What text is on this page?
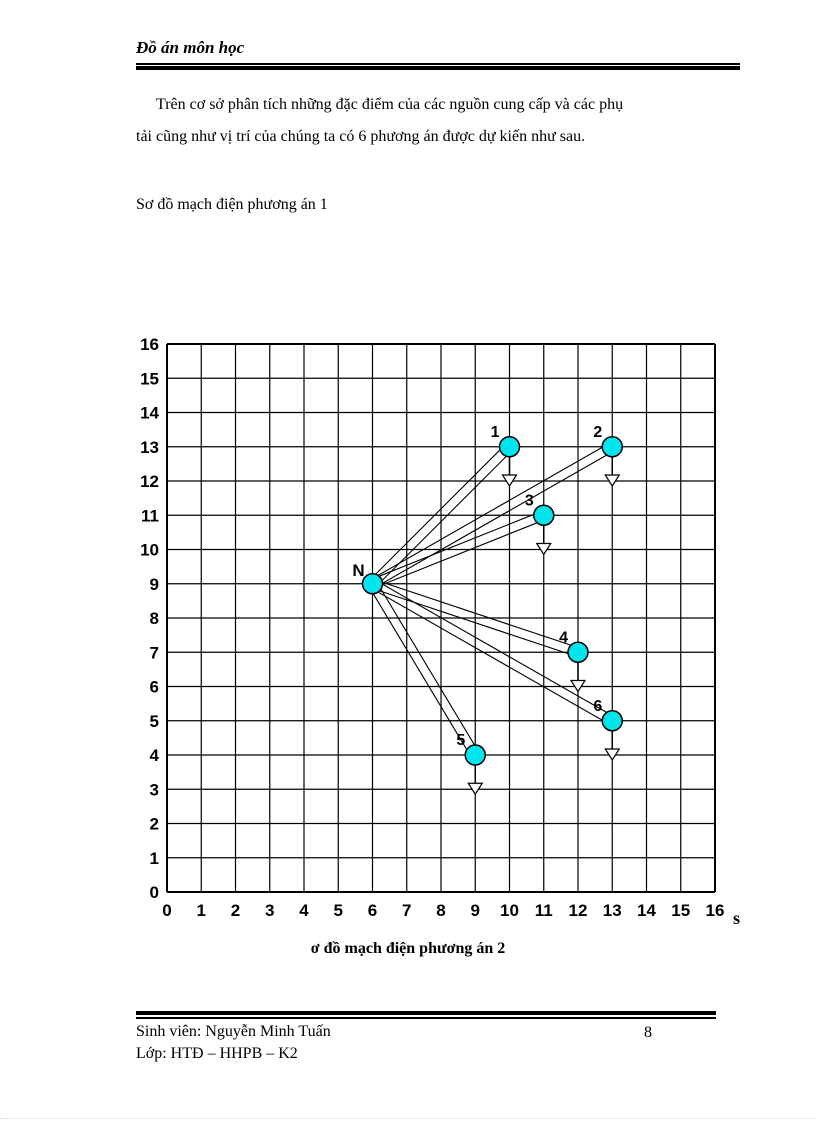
Đồ án môn học
Trên cơ sở phân tích những đặc điểm của các nguồn cung cấp và các phụ
tải cũng như vị trí của chúng ta có 6 phương án được dự kiến như sau.
Sơ đồ mạch điện phương án 1
0 1 2 3 4 5 6 7 8 9 10 11 12 13 14 15 16
0
1
2
3
4
5
6
7
8
9
10
11
12
13
14
15
16
s
1	2
3
4
5
6
N
ơ đồ mạch điện phương án 2
Sinh viên: Nguyễn Minh Tuấn
Lớp: HTĐ – HHPB – K2
8
